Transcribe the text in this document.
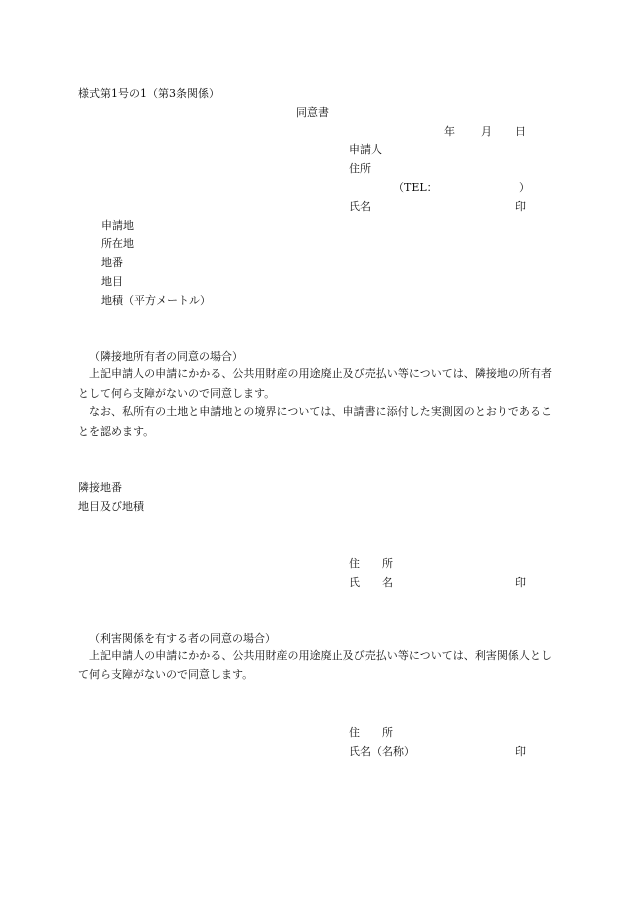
様式第1号の1（第3条関係）

同意書

年 月 日

申請人

住所

（TEL：	）

氏名	印

申請地

所在地

地番

地目

地積（平方メートル）

（隣接地所有者の同意の場合）

上記申請人の申請にかかる、公共用財産の用途廃止及び売払い等については、隣接地の所有者として何ら支障がないので同意します。

なお、私所有の土地と申請地との境界については、申請書に添付した実測図のとおりであることを認めます。

隣接地番

地目及び地積

住　　所

氏　　名	印

（利害関係を有する者の同意の場合）

上記申請人の申請にかかる、公共用財産の用途廃止及び売払い等については、利害関係人として何ら支障がないので同意します。

住　　所

氏名（名称）	印
